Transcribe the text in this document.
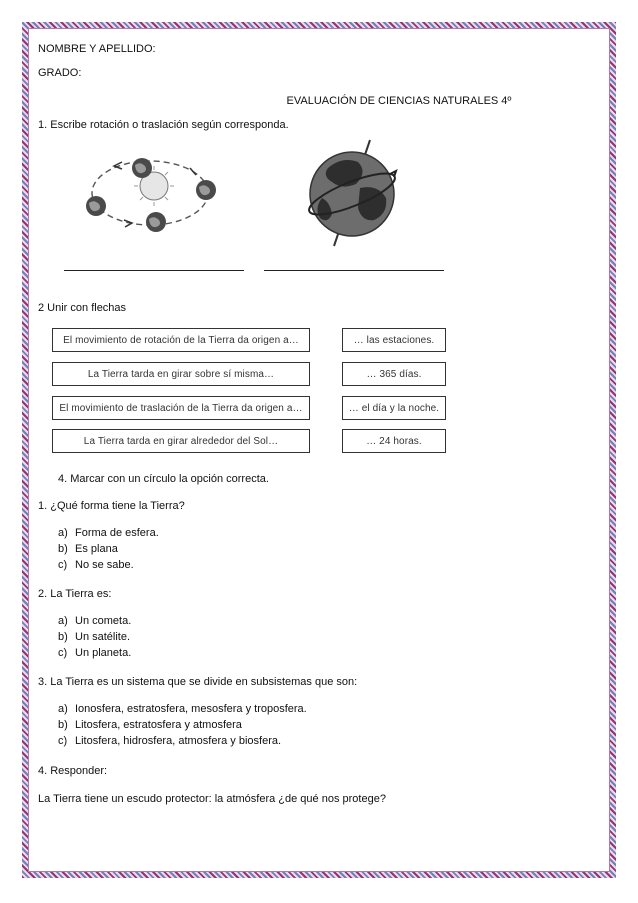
NOMBRE Y APELLIDO:
GRADO:
EVALUACIÓN DE CIENCIAS NATURALES 4º
1. Escribe rotación o traslación según corresponda.
2 Unir con flechas
El movimiento de rotación de la Tierra da origen a…
La Tierra tarda en girar sobre sí misma…
El movimiento de traslación de la Tierra da origen a…
La Tierra tarda en girar alrededor del Sol…
… las estaciones.
… 365 días.
… el día y la noche.
… 24 horas.
4. Marcar con un círculo la opción correcta.
1. ¿Qué forma tiene la Tierra?
a) Forma de esfera.
b) Es plana
c) No se sabe.
2. La Tierra es:
a) Un cometa.
b) Un satélite.
c) Un planeta.
3. La Tierra es un sistema que se divide en subsistemas que son:
a) Ionosfera, estratosfera, mesosfera y troposfera.
b) Litosfera, estratosfera y atmosfera
c) Litosfera, hidrosfera, atmosfera y biosfera.
4. Responder:
La Tierra tiene un escudo protector: la atmósfera ¿de qué nos protege?
